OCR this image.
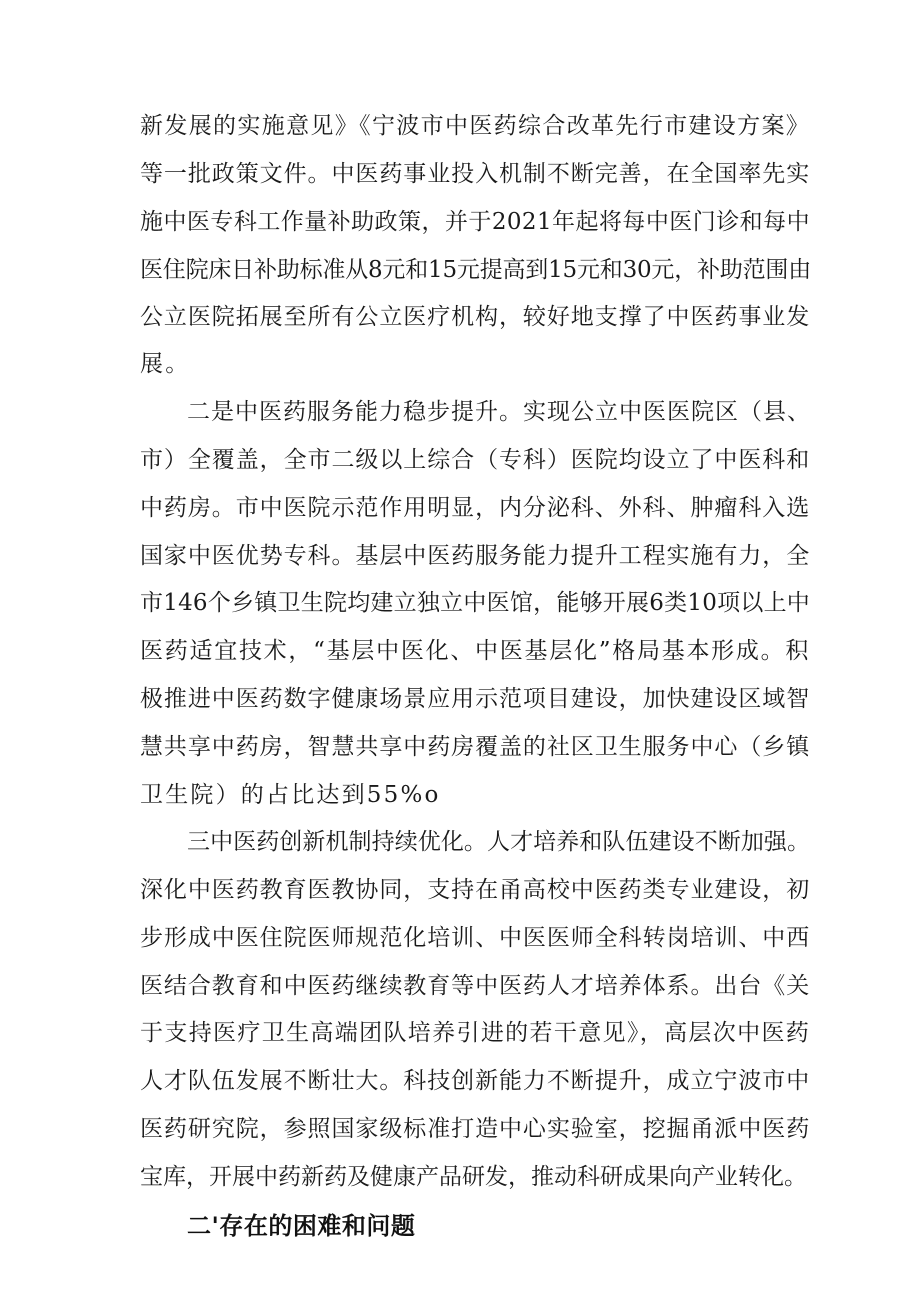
新发展的实施意见》《宁波市中医药综合改革先行市建设方案》

等一批政策文件。中医药事业投入机制不断完善，在全国率先实

施中医专科工作量补助政策，并于2021年起将每中医门诊和每中

医住院床日补助标准从8元和15元提高到15元和30元，补助范围由

公立医院拓展至所有公立医疗机构，较好地支撑了中医药事业发

展。

二是中医药服务能力稳步提升。实现公立中医医院区（县、

市）全覆盖，全市二级以上综合（专科）医院均设立了中医科和

中药房。市中医院示范作用明显，内分泌科、外科、肿瘤科入选

国家中医优势专科。基层中医药服务能力提升工程实施有力，全

市146个乡镇卫生院均建立独立中医馆，能够开展6类10项以上中

医药适宜技术，“基层中医化、中医基层化”格局基本形成。积

极推进中医药数字健康场景应用示范项目建设，加快建设区域智

慧共享中药房，智慧共享中药房覆盖的社区卫生服务中心（乡镇

卫生院）的占比达到55%o

三中医药创新机制持续优化。人才培养和队伍建设不断加强。

深化中医药教育医教协同，支持在甬高校中医药类专业建设，初

步形成中医住院医师规范化培训、中医医师全科转岗培训、中西

医结合教育和中医药继续教育等中医药人才培养体系。出台《关

于支持医疗卫生高端团队培养引进的若干意见》，高层次中医药

人才队伍发展不断壮大。科技创新能力不断提升，成立宁波市中

医药研究院，参照国家级标准打造中心实验室，挖掘甬派中医药

宝库，开展中药新药及健康产品研发，推动科研成果向产业转化。

二'存在的困难和问题
